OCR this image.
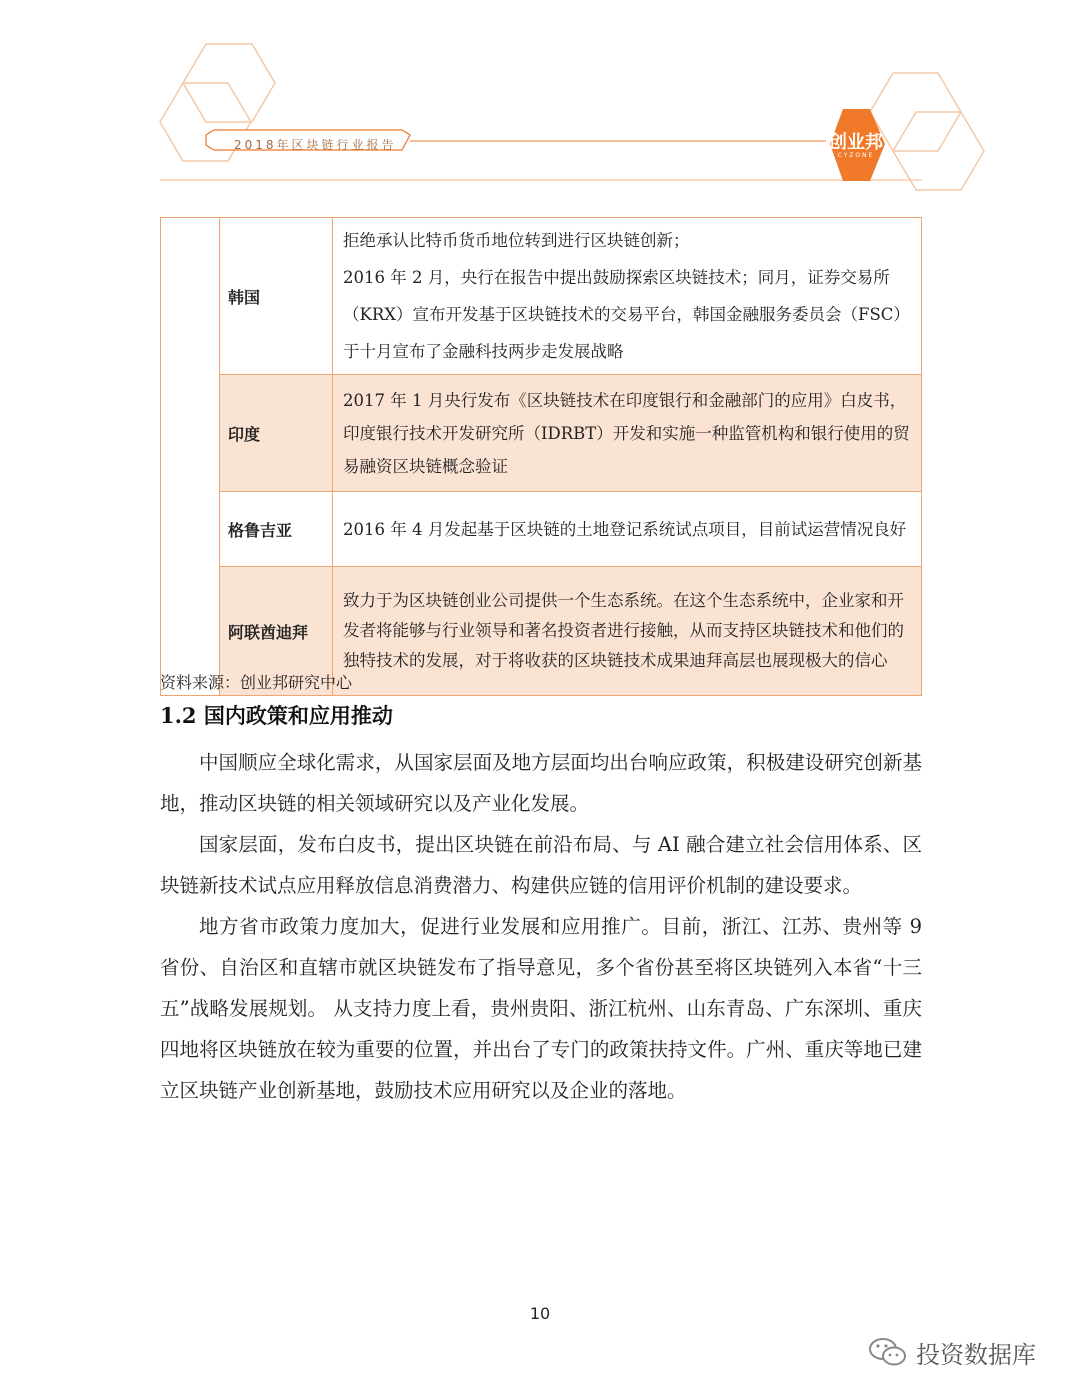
2018年区块链行业报告	创业邦
CYZONE
	韩国	拒绝承认比特币货币地位转到进行区块链创新；

2016 年 2 月，央行在报告中提出鼓励探索区块链技术；同月，证券交易所（KRX）宣布开发基于区块链技术的交易平台，韩国金融服务委员会（FSC）于十月宣布了金融科技两步走发展战略

	印度	2017 年 1 月央行发布《区块链技术在印度银行和金融部门的应用》白皮书，印度银行技术开发研究所（IDRBT）开发和实施一种监管机构和银行使用的贸易融资区块链概念验证

	格鲁吉亚	2016 年 4 月发起基于区块链的土地登记系统试点项目，目前试运营情况良好

	阿联酋迪拜	致力于为区块链创业公司提供一个生态系统。在这个生态系统中，企业家和开发者将能够与行业领导和著名投资者进行接触，从而支持区块链技术和他们的独特技术的发展，对于将收获的区块链技术成果迪拜高层也展现极大的信心

资料来源：创业邦研究中心
1.2 国内政策和应用推动

中国顺应全球化需求，从国家层面及地方层面均出台响应政策，积极建设研究创新基地，推动区块链的相关领域研究以及产业化发展。

国家层面，发布白皮书，提出区块链在前沿布局、与 AI 融合建立社会信用体系、区块链新技术试点应用释放信息消费潜力、构建供应链的信用评价机制的建设要求。

地方省市政策力度加大，促进行业发展和应用推广。目前，浙江、江苏、贵州等 9 省份、自治区和直辖市就区块链发布了指导意见，多个省份甚至将区块链列入本省“十三五”战略发展规划。 从支持力度上看，贵州贵阳、浙江杭州、山东青岛、广东深圳、重庆四地将区块链放在较为重要的位置，并出台了专门的政策扶持文件。广州、重庆等地已建立区块链产业创新基地，鼓励技术应用研究以及企业的落地。

10
投资数据库
